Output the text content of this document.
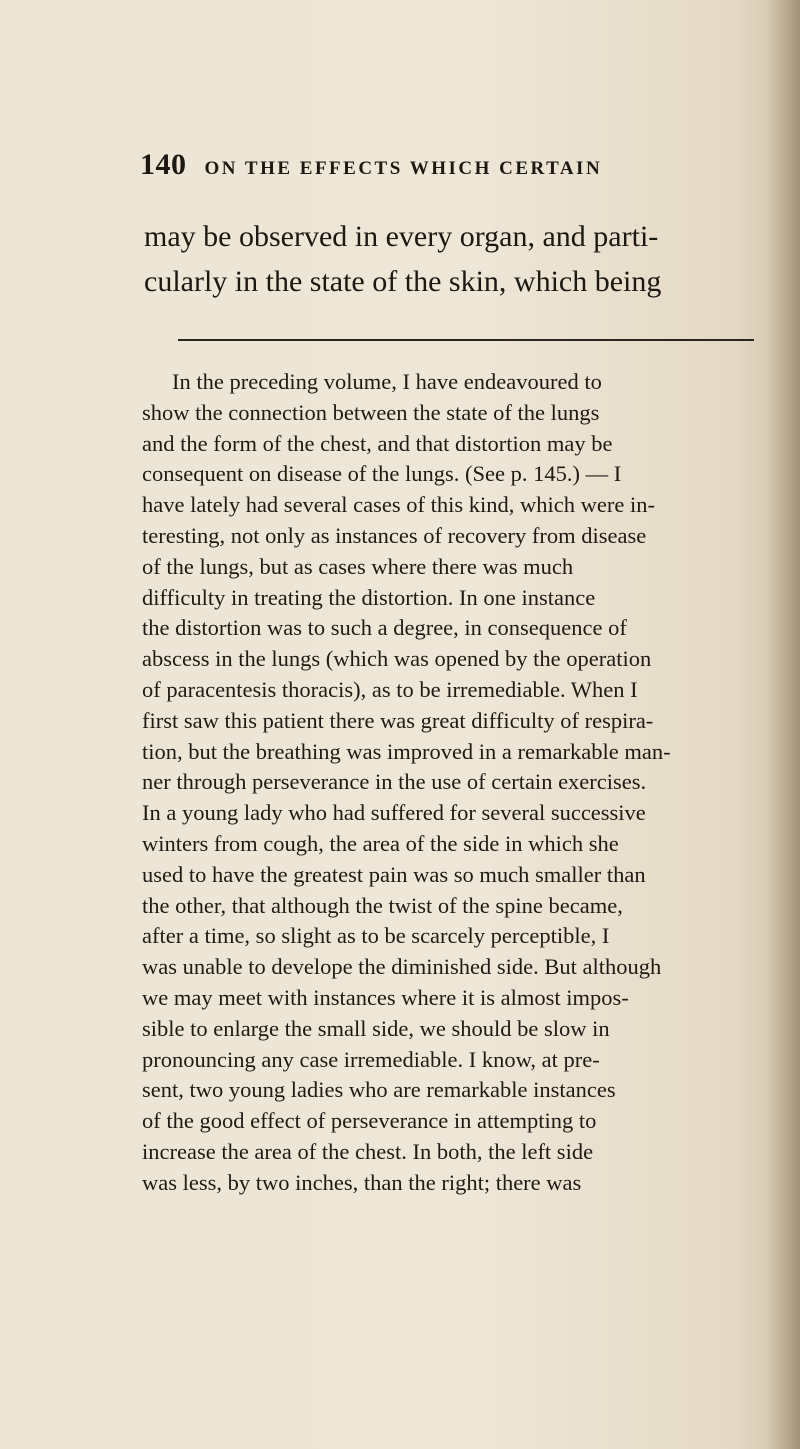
140 ON THE EFFECTS WHICH CERTAIN
may be observed in every organ, and parti-
cularly in the state of the skin, which being
In the preceding volume, I have endeavoured to
show the connection between the state of the lungs
and the form of the chest, and that distortion may be
consequent on disease of the lungs. (See p. 145.) — I
have lately had several cases of this kind, which were in-
teresting, not only as instances of recovery from disease
of the lungs, but as cases where there was much
difficulty in treating the distortion. In one instance
the distortion was to such a degree, in consequence of
abscess in the lungs (which was opened by the operation
of paracentesis thoracis), as to be irremediable. When I
first saw this patient there was great difficulty of respira-
tion, but the breathing was improved in a remarkable man-
ner through perseverance in the use of certain exercises.
In a young lady who had suffered for several successive
winters from cough, the area of the side in which she
used to have the greatest pain was so much smaller than
the other, that although the twist of the spine became,
after a time, so slight as to be scarcely perceptible, I
was unable to develope the diminished side. But although
we may meet with instances where it is almost impos-
sible to enlarge the small side, we should be slow in
pronouncing any case irremediable. I know, at pre-
sent, two young ladies who are remarkable instances
of the good effect of perseverance in attempting to
increase the area of the chest. In both, the left side
was less, by two inches, than the right; there was
